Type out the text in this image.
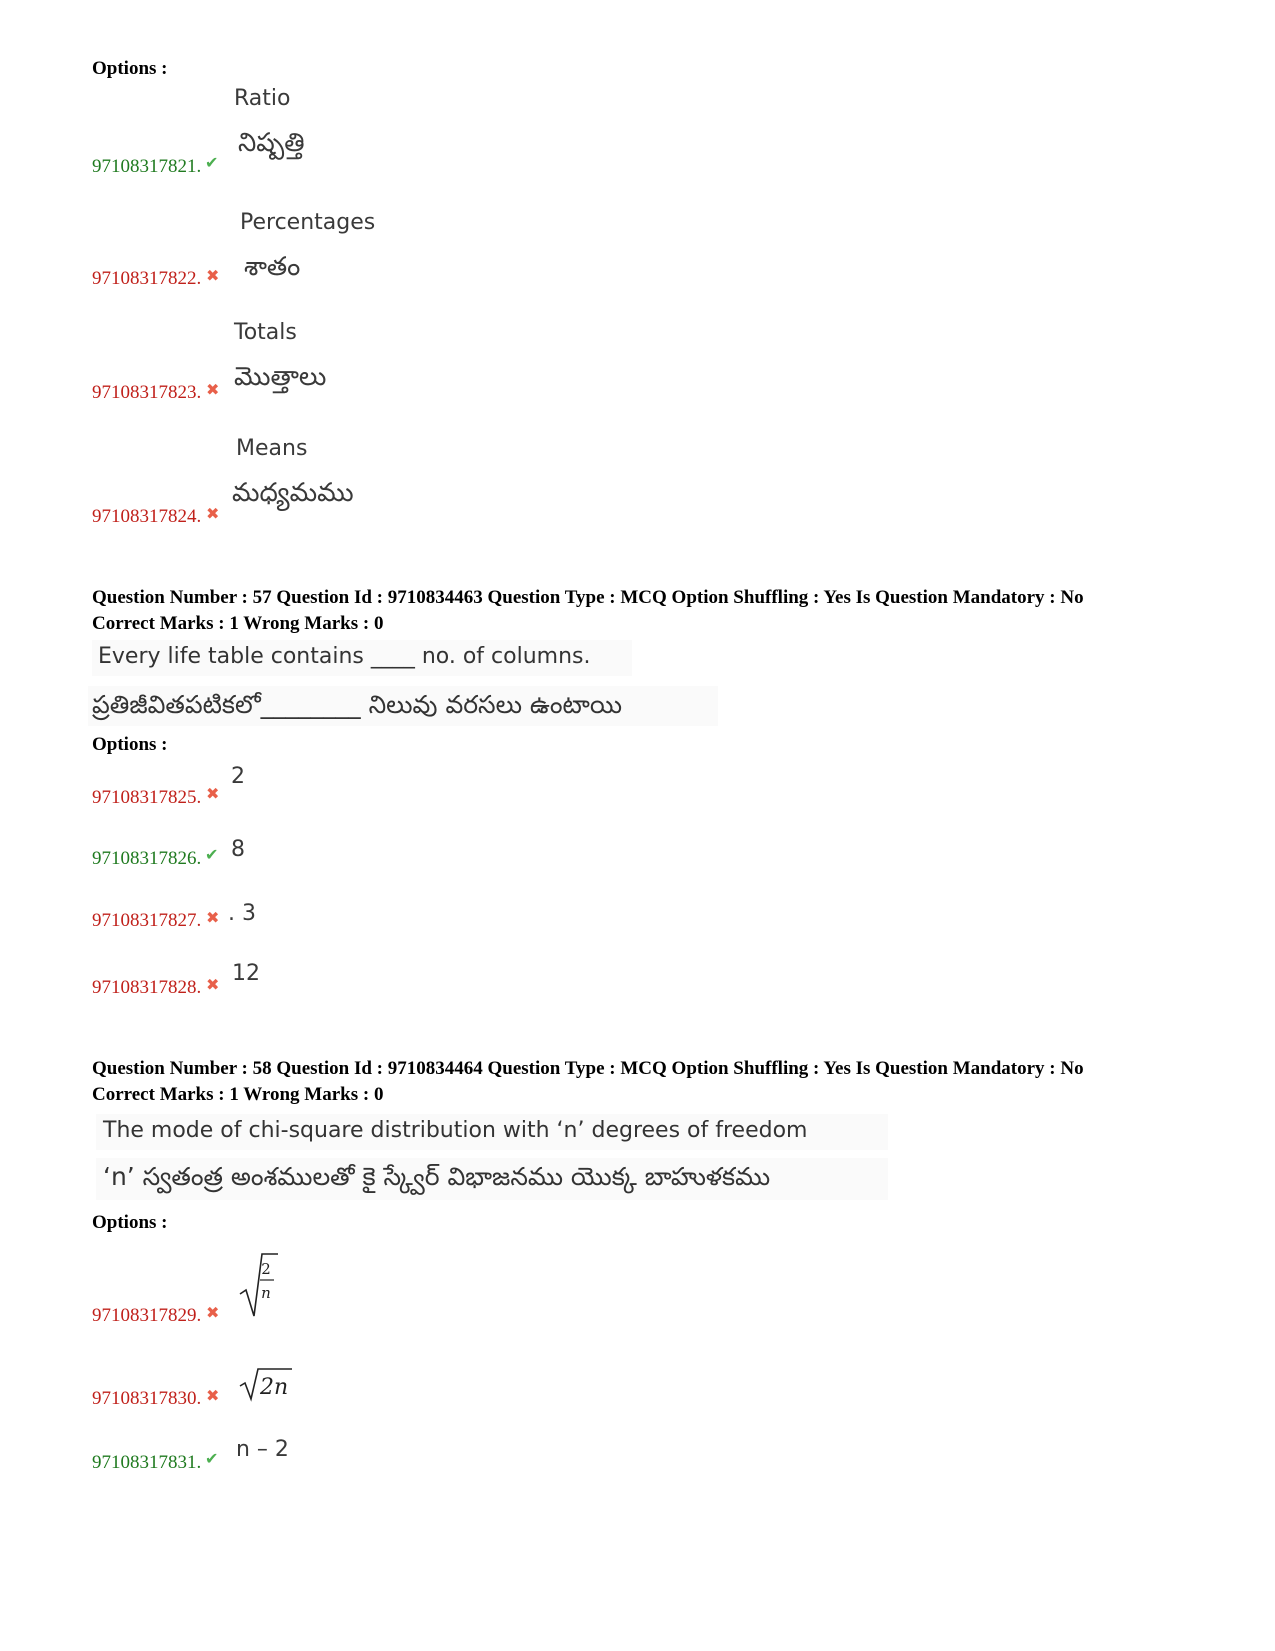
Options :
Ratio
నిష్పత్తి
97108317821. ✔
Percentages
శాతం
97108317822. ✖
Totals
మొత్తాలు
97108317823. ✖
Means
మధ్యమము
97108317824. ✖
Question Number : 57 Question Id : 9710834463 Question Type : MCQ Option Shuffling : Yes Is Question Mandatory : No
Correct Marks : 1 Wrong Marks : 0
Every life table contains ____ no. of columns.
ప్రతిజీవితపటికలో________ నిలువు వరసలు ఉంటాయి
Options :
2
97108317825. ✖
8
97108317826. ✔
. 3
97108317827. ✖
12
97108317828. ✖
Question Number : 58 Question Id : 9710834464 Question Type : MCQ Option Shuffling : Yes Is Question Mandatory : No
Correct Marks : 1 Wrong Marks : 0
The mode of chi-square distribution with ‘n’ degrees of freedom
‘n’ స్వతంత్ర అంశములతో కై స్క్వేర్ విభాజనము యొక్క బాహుళకము
Options :
2
n
97108317829. ✖
2n
97108317830. ✖
n – 2
97108317831. ✔
